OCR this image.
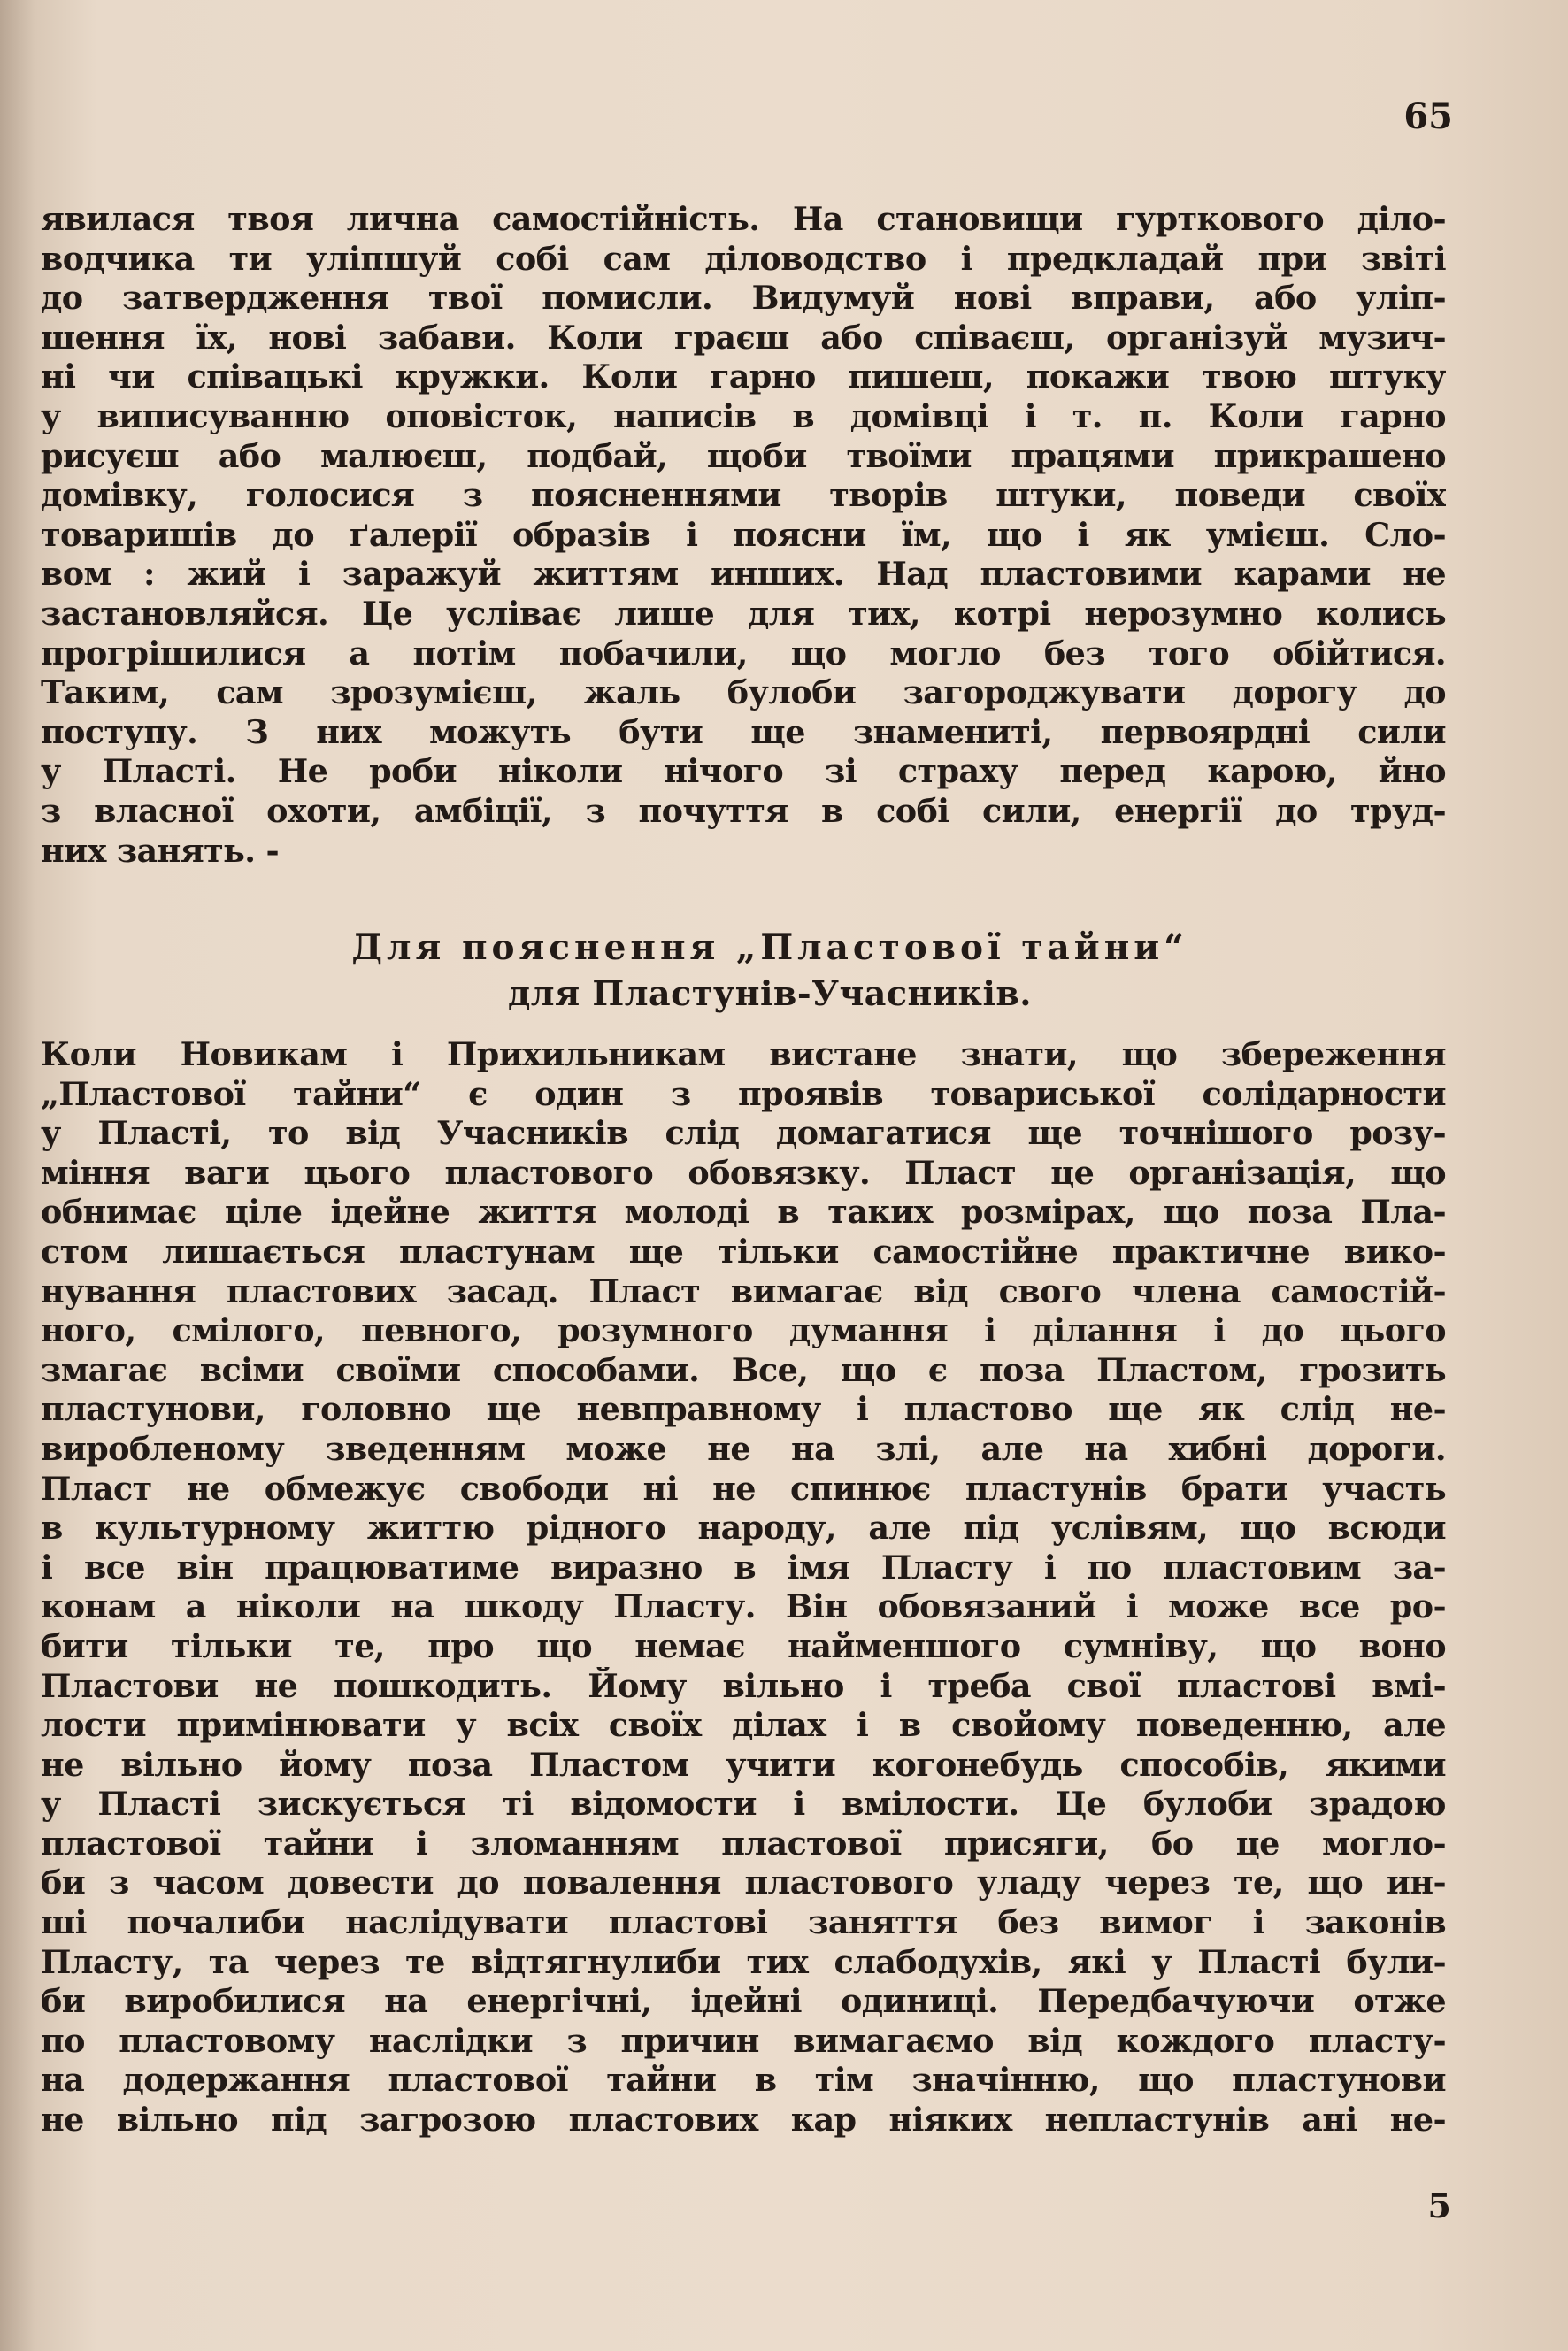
65
явилася твоя лична самостійність. На становищи гурткового діло-
водчика ти уліпшуй собі сам діловодство і предкладай при звіті
до затвердження твої помисли. Видумуй нові вправи, або уліп-
шення їх, нові забави. Коли граєш або співаєш, організуй музич-
ні чи співацькі кружки. Коли гарно пишеш, покажи твою штуку
у виписуванню оповісток, написів в домівці і т. п. Коли гарно
рисуєш або малюєш, подбай, щоби твоїми працями прикрашено
домівку, голосися з поясненнями творів штуки, поведи своїх
товаришів до ґалерії образів і поясни їм, що і як умієш. Сло-
вом : жий і заражуй життям инших. Над пластовими карами не
застановляйся. Це усліває лише для тих, котрі нерозумно колись
прогрішилися а потім побачили, що могло без того обійтися.
Таким, сам зрозумієш, жаль булоби загороджувати дорогу до
поступу. З них можуть бути ще знамениті, первоярдні сили
у Пласті. Не роби ніколи нічого зі страху перед карою, йно
з власної охоти, амбіції, з почуття в собі сили, енергії до труд-
них занять. -
Для пояснення „Пластової тайни“
для Пластунів-Учасників.
Коли Новикам і Прихильникам вистане знати, що збереження
„Пластової тайни“ є один з проявів товариської солідарности
у Пласті, то від Учасників слід домагатися ще точнішого розу-
міння ваги цього пластового обовязку. Пласт це організація, що
обнимає ціле ідейне життя молоді в таких розмірах, що поза Пла-
стом лишається пластунам ще тільки самостійне практичне вико-
нування пластових засад. Пласт вимагає від свого члена самостій-
ного, смілого, певного, розумного думання і ділання і до цього
змагає всіми своїми способами. Все, що є поза Пластом, грозить
пластунови, головно ще невправному і пластово ще як слід не-
виробленому зведенням може не на злі, але на хибні дороги.
Пласт не обмежує свободи ні не спинює пластунів брати участь
в культурному життю рідного народу, але під услівям, що всюди
і все він працюватиме виразно в імя Пласту і по пластовим за-
конам а ніколи на шкоду Пласту. Він обовязаний і може все ро-
бити тільки те, про що немає найменшого сумніву, що воно
Пластови не пошкодить. Йому вільно і треба свої пластові вмі-
лости примінювати у всіх своїх ділах і в свойому поведенню, але
не вільно йому поза Пластом учити когонебудь способів, якими
у Пласті зискується ті відомости і вмілости. Це булоби зрадою
пластової тайни і зломанням пластової присяги, бо це могло-
би з часом довести до повалення пластового уладу через те, що ин-
ші почалиби наслідувати пластові заняття без вимог і законів
Пласту, та через те відтягнулиби тих слабодухів, які у Пласті були-
би виробилися на енергічні, ідейні одиниці. Передбачуючи отже
по пластовому наслідки з причин вимагаємо від кождого пласту-
на додержання пластової тайни в тім значінню, що пластунови
не вільно під загрозою пластових кар ніяких непластунів ані не-
5
